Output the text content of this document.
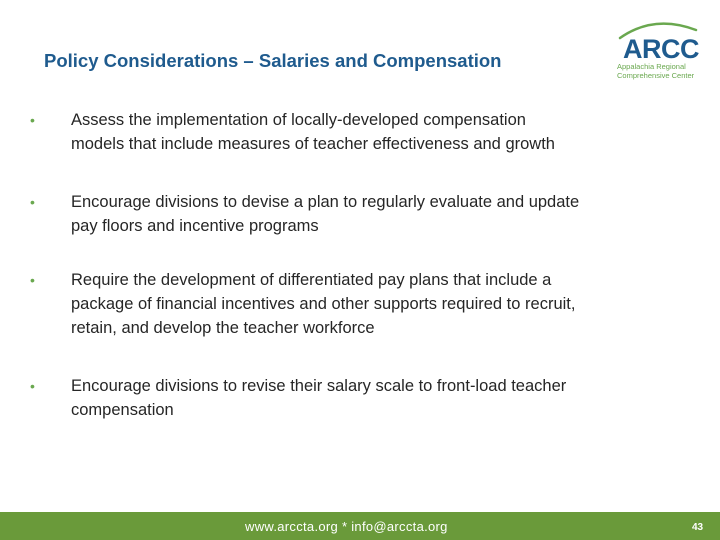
Policy Considerations – Salaries and Compensation	ARCC
Appalachia Regional
Comprehensive Center
• Assess the implementation of locally-developed compensation
models that include measures of teacher effectiveness and growth
• Encourage divisions to devise a plan to regularly evaluate and update
pay floors and incentive programs
• Require the development of differentiated pay plans that include a
package of financial incentives and other supports required to recruit,
retain, and develop the teacher workforce
• Encourage divisions to revise their salary scale to front-load teacher
compensation
www.arccta.org * info@arccta.org	43
